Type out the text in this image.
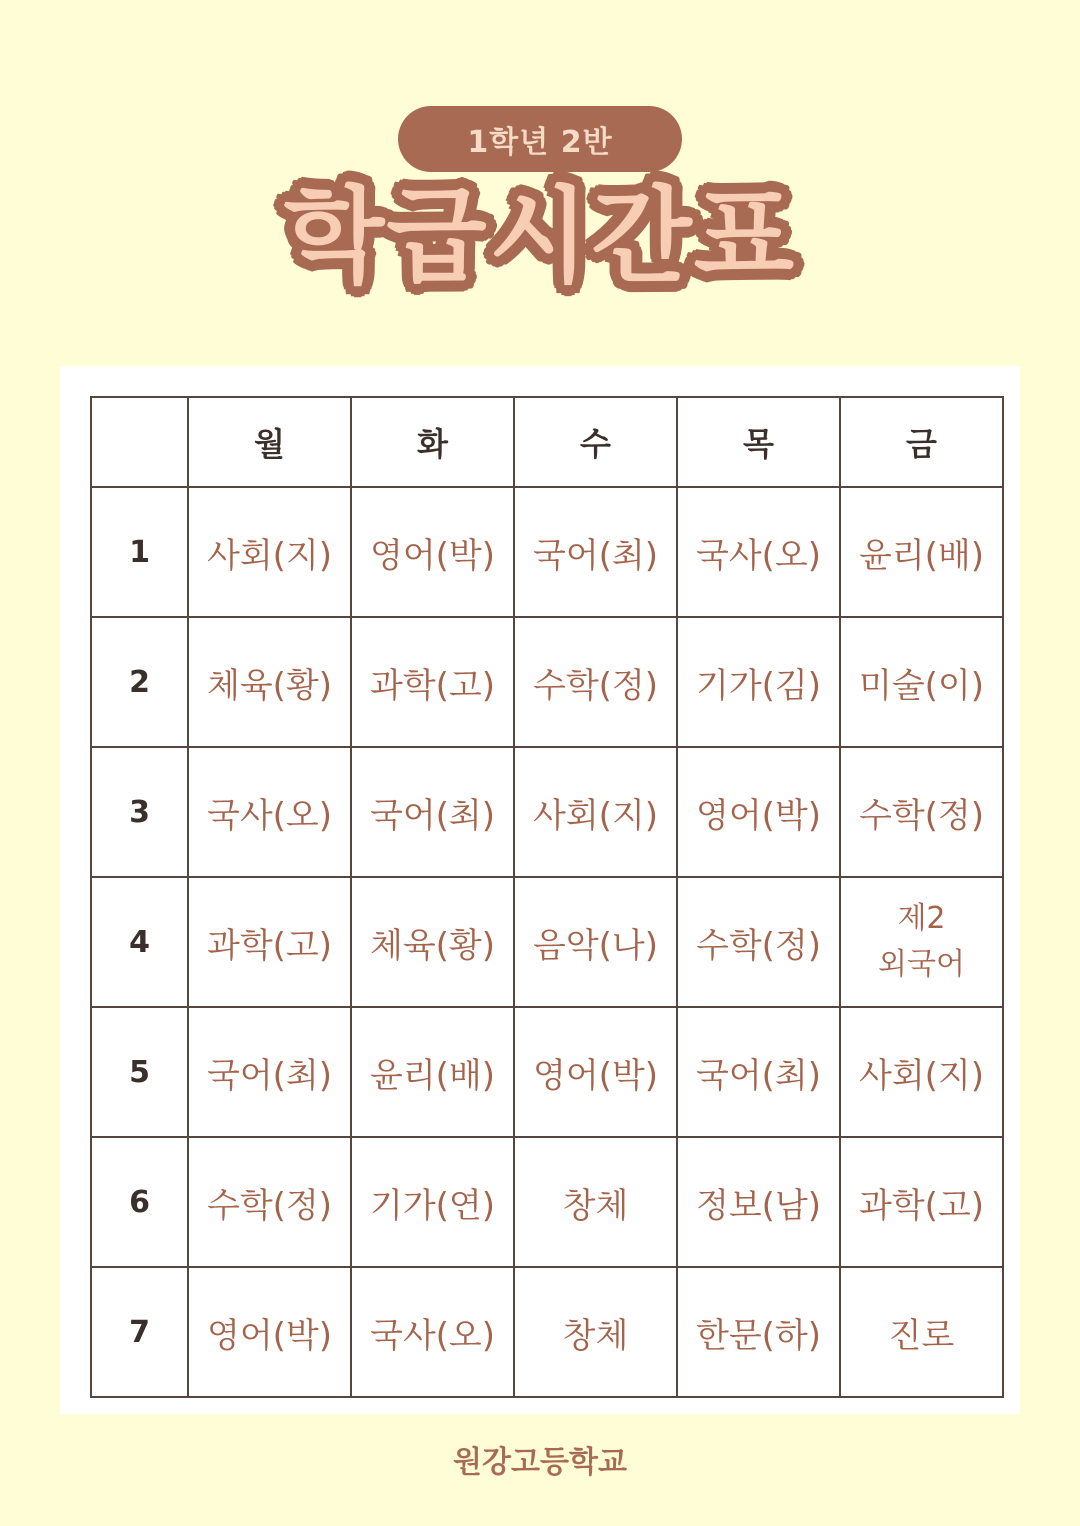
1학년 2반
학급시간표
	월	화	수	목	금
1	사회(지)	영어(박)	국어(최)	국사(오)	윤리(배)
2	체육(황)	과학(고)	수학(정)	기가(김)	미술(이)
3	국사(오)	국어(최)	사회(지)	영어(박)	수학(정)
4	과학(고)	체육(황)	음악(나)	수학(정)	제2
외국어
5	국어(최)	윤리(배)	영어(박)	국어(최)	사회(지)
6	수학(정)	기가(연)	창체	정보(남)	과학(고)
7	영어(박)	국사(오)	창체	한문(하)	진로
원강고등학교
